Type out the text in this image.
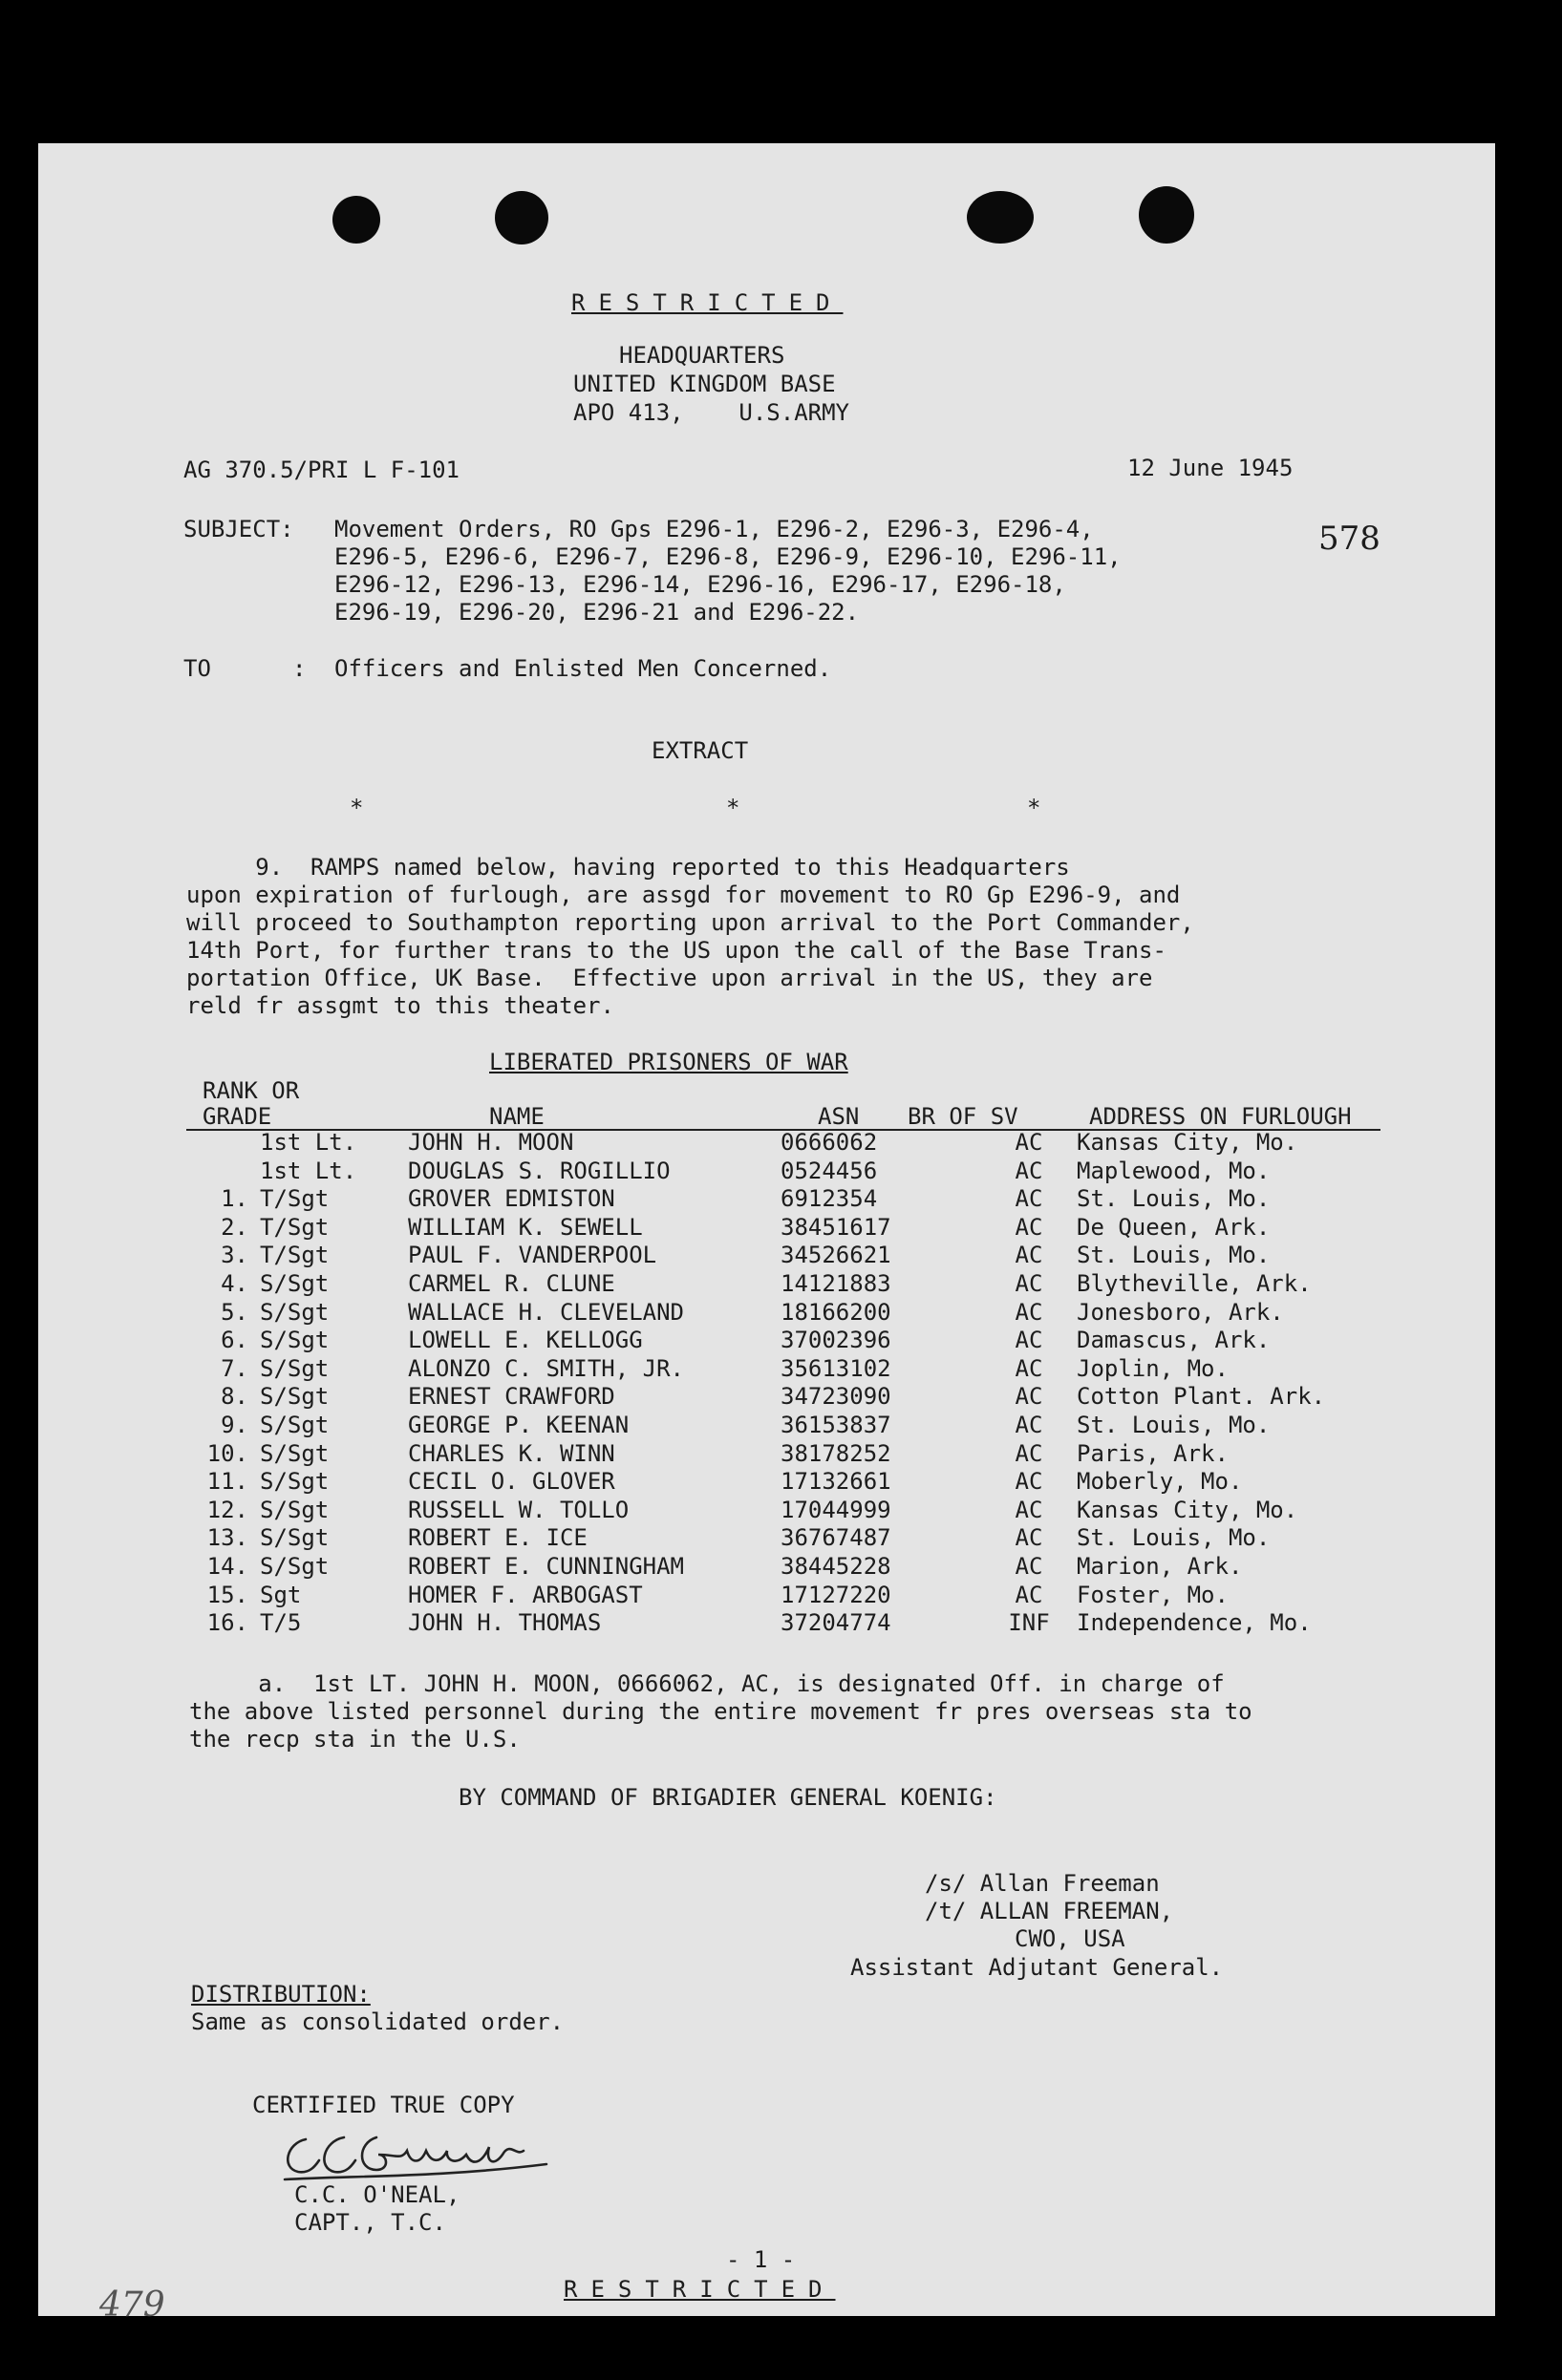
RESTRICTED
HEADQUARTERS
UNITED KINGDOM BASE
APO 413,    U.S.ARMY
AG 370.5/PRI L F-101	12 June 1945
578
SUBJECT: Movement Orders, RO Gps E296-1, E296-2, E296-3, E296-4,
E296-5, E296-6, E296-7, E296-8, E296-9, E296-10, E296-11,
E296-12, E296-13, E296-14, E296-16, E296-17, E296-18,
E296-19, E296-20, E296-21 and E296-22.
TO	: Officers and Enlisted Men Concerned.
EXTRACT
*	*	*
9.  RAMPS named below, having reported to this Headquarters
upon expiration of furlough, are assgd for movement to RO Gp E296-9, and
will proceed to Southampton reporting upon arrival to the Port Commander,
14th Port, for further trans to the US upon the call of the Base Trans-
portation Office, UK Base.  Effective upon arrival in the US, they are
reld fr assgmt to this theater.
LIBERATED PRISONERS OF WAR
RANK OR
GRADE	NAME	ASN BR OF SV	ADDRESS ON FURLOUGH
	1st Lt.	JOHN H. MOON	0666062	AC	Kansas City, Mo.
	1st Lt.	DOUGLAS S. ROGILLIO	0524456	AC	Maplewood, Mo.
1.	T/Sgt	GROVER EDMISTON	6912354	AC	St. Louis, Mo.
2.	T/Sgt	WILLIAM K. SEWELL	38451617	AC	De Queen, Ark.
3.	T/Sgt	PAUL F. VANDERPOOL	34526621	AC	St. Louis, Mo.
4.	S/Sgt	CARMEL R. CLUNE	14121883	AC	Blytheville, Ark.
5.	S/Sgt	WALLACE H. CLEVELAND	18166200	AC	Jonesboro, Ark.
6.	S/Sgt	LOWELL E. KELLOGG	37002396	AC	Damascus, Ark.
7.	S/Sgt	ALONZO C. SMITH, JR.	35613102	AC	Joplin, Mo.
8.	S/Sgt	ERNEST CRAWFORD	34723090	AC	Cotton Plant. Ark.
9.	S/Sgt	GEORGE P. KEENAN	36153837	AC	St. Louis, Mo.
10.	S/Sgt	CHARLES K. WINN	38178252	AC	Paris, Ark.
11.	S/Sgt	CECIL O. GLOVER	17132661	AC	Moberly, Mo.
12.	S/Sgt	RUSSELL W. TOLLO	17044999	AC	Kansas City, Mo.
13.	S/Sgt	ROBERT E. ICE	36767487	AC	St. Louis, Mo.
14.	S/Sgt	ROBERT E. CUNNINGHAM	38445228	AC	Marion, Ark.
15.	Sgt	HOMER F. ARBOGAST	17127220	AC	Foster, Mo.
16.	T/5	JOHN H. THOMAS	37204774	INF	Independence, Mo.
a.  1st LT. JOHN H. MOON, 0666062, AC, is designated Off. in charge of
the above listed personnel during the entire movement fr pres overseas sta to
the recp sta in the U.S.
BY COMMAND OF BRIGADIER GENERAL KOENIG:
/s/ Allan Freeman
/t/ ALLAN FREEMAN,
CWO, USA
Assistant Adjutant General.
DISTRIBUTION:
Same as consolidated order.
CERTIFIED TRUE COPY
C.C. O'NEAL,
CAPT., T.C.
- 1 -
RESTRICTED
479
